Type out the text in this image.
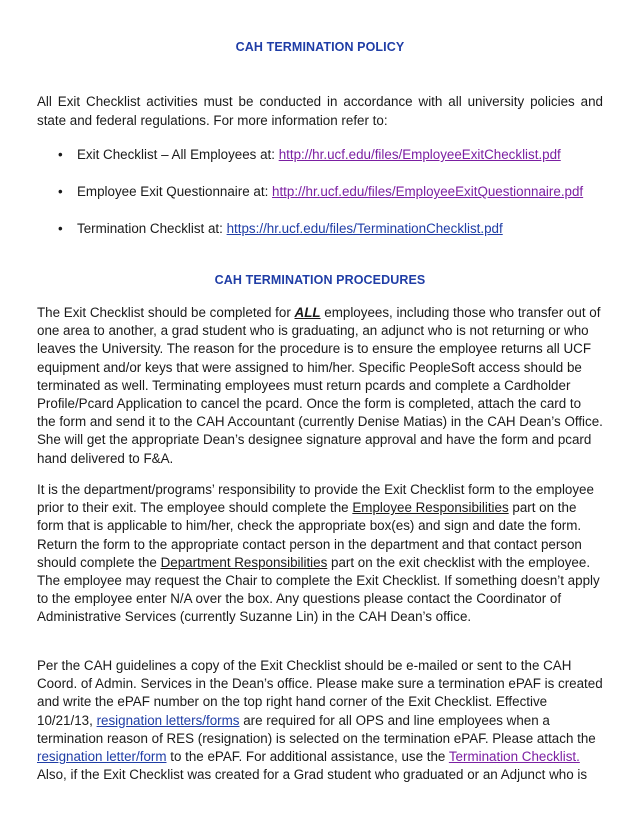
CAH TERMINATION POLICY
All Exit Checklist activities must be conducted in accordance with all university policies and state and federal regulations. For more information refer to:
• Exit Checklist – All Employees at: http://hr.ucf.edu/files/EmployeeExitChecklist.pdf
• Employee Exit Questionnaire at: http://hr.ucf.edu/files/EmployeeExitQuestionnaire.pdf
• Termination Checklist at: https://hr.ucf.edu/files/TerminationChecklist.pdf
CAH TERMINATION PROCEDURES

The Exit Checklist should be completed for ALL employees, including those who transfer out of one area to another, a grad student who is graduating, an adjunct who is not returning or who leaves the University. The reason for the procedure is to ensure the employee returns all UCF equipment and/or keys that were assigned to him/her. Specific PeopleSoft access should be terminated as well. Terminating employees must return pcards and complete a Cardholder Profile/Pcard Application to cancel the pcard. Once the form is completed, attach the card to the form and send it to the CAH Accountant (currently Denise Matias) in the CAH Dean’s Office. She will get the appropriate Dean’s designee signature approval and have the form and pcard hand delivered to F&A.

It is the department/programs’ responsibility to provide the Exit Checklist form to the employee prior to their exit. The employee should complete the Employee Responsibilities part on the form that is applicable to him/her, check the appropriate box(es) and sign and date the form. Return the form to the appropriate contact person in the department and that contact person should complete the Department Responsibilities part on the exit checklist with the employee. The employee may request the Chair to complete the Exit Checklist. If something doesn’t apply to the employee enter N/A over the box. Any questions please contact the Coordinator of Administrative Services (currently Suzanne Lin) in the CAH Dean’s office.

Per the CAH guidelines a copy of the Exit Checklist should be e-mailed or sent to the CAH Coord. of Admin. Services in the Dean’s office. Please make sure a termination ePAF is created and write the ePAF number on the top right hand corner of the Exit Checklist. Effective 10/21/13, resignation letters/forms are required for all OPS and line employees when a termination reason of RES (resignation) is selected on the termination ePAF. Please attach the resignation letter/form to the ePAF. For additional assistance, use the Termination Checklist. Also, if the Exit Checklist was created for a Grad student who graduated or an Adjunct who is
